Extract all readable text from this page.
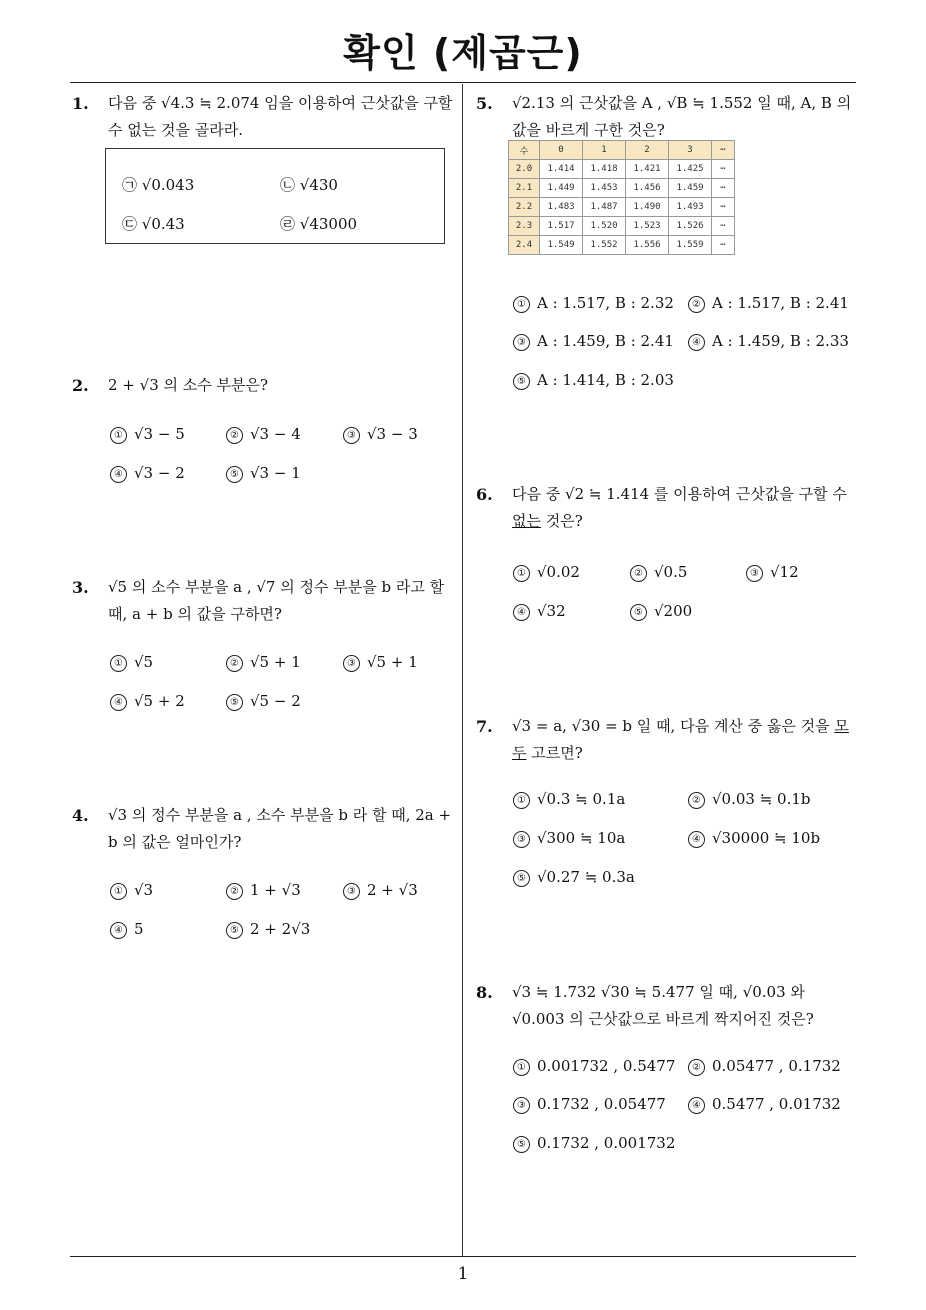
확인 (제곱근)
1. 다음 중 √4.3 ≒ 2.074 임을 이용하여 근삿값을 구할 수 없는 것을 골라라.
㉠ √0.043	㉡ √430
㉢ √0.43	㉣ √43000
2. 2 + √3 의 소수 부분은?
① √3 − 5	② √3 − 4	③ √3 − 3
④ √3 − 2	⑤ √3 − 1
3. √5 의 소수 부분을 a , √7 의 정수 부분을 b 라고 할 때, a + b 의 값을 구하면?
① √5	② √5 + 1	③ √5 + 1
④ √5 + 2	⑤ √5 − 2
4. √3 의 정수 부분을 a , 소수 부분을 b 라 할 때, 2a + b 의 값은 얼마인가?
① √3	② 1 + √3	③ 2 + √3
④ 5	⑤ 2 + 2√3
5. √2.13 의 근삿값을 A , √B ≒ 1.552 일 때, A, B 의 값을 바르게 구한 것은?
수	0	1	2	3	⋯
2.0	1.414	1.418	1.421	1.425	⋯
2.1	1.449	1.453	1.456	1.459	⋯
2.2	1.483	1.487	1.490	1.493	⋯
2.3	1.517	1.520	1.523	1.526	⋯
2.4	1.549	1.552	1.556	1.559	⋯
① A : 1.517, B : 2.32	② A : 1.517, B : 2.41
③ A : 1.459, B : 2.41	④ A : 1.459, B : 2.33
⑤ A : 1.414, B : 2.03
6. 다음 중 √2 ≒ 1.414 를 이용하여 근삿값을 구할 수
없는 것은?
① √0.02	② √0.5	③ √12
④ √32	⑤ √200
7. √3 = a, √30 = b 일 때, 다음 계산 중 옳은 것을 모두 고르면?
① √0.3 ≒ 0.1a	② √0.03 ≒ 0.1b
③ √300 ≒ 10a	④ √30000 ≒ 10b
⑤ √0.27 ≒ 0.3a
8. √3 ≒ 1.732 √30 ≒ 5.477 일 때, √0.03 와 √0.003 의 근삿값으로 바르게 짝지어진 것은?
① 0.001732 , 0.5477	② 0.05477 , 0.1732
③ 0.1732 , 0.05477	④ 0.5477 , 0.01732
⑤ 0.1732 , 0.001732
1
